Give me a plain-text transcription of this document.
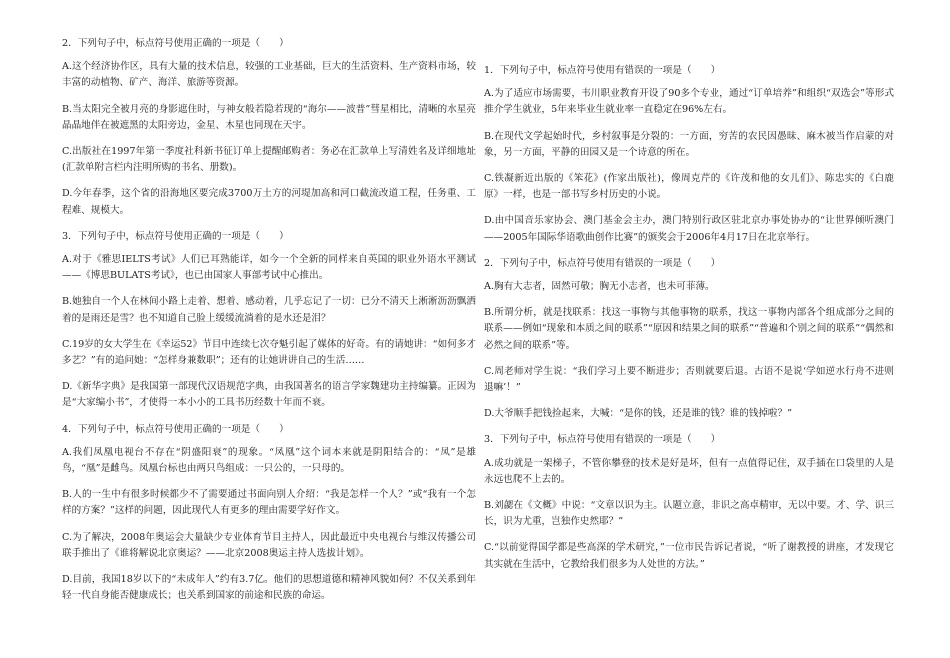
2．下列句子中，标点符号使用正确的一项是（　　）

A.这个经济协作区，具有大量的技术信息，较强的工业基础，巨大的生活资料、生产资料市场，较丰富的动植物、矿产、海洋、旅游等资源。

B.当太阳完全被月亮的身影遮住时，与神女般若隐若现的“海尔——波普”彗星相比，清晰的水星亮晶晶地伴在被遮黑的太阳旁边，金星、木星也同现在天宇。

C.出版社在1997年第一季度社科新书征订单上提醒邮购者：务必在汇款单上写清姓名及详细地址(汇款单附言栏内注明所购的书名、册数)。

D.今年春季，这个省的沿海地区要完成3700万土方的河堤加高和河口截流改道工程，任务重、工程难、规模大。

3．下列句子中，标点符号使用正确的一项是（　　）

A.对于《雅思IELTS考试》人们已耳熟能详，如今一个全新的同样来自英国的职业外语水平测试——《博思BULATS考试》，也已由国家人事部考试中心推出。

B.她独自一个人在林间小路上走着、想着、感动着，几乎忘记了一切：已分不清天上淅淅沥沥飘洒着的是雨还是雪？也不知道自己脸上缓缓流淌着的是水还是泪？

C.19岁的女大学生在《幸运52》节目中连续七次夺魁引起了媒体的好奇。有的请她讲：“如何多才多艺？”有的追问她：“怎样身兼数职”；还有的让她讲讲自己的生活……

D.《新华字典》是我国第一部现代汉语规范字典，由我国著名的语言学家魏建功主持编纂。正因为是“大家编小书”，才使得一本小小的工具书历经数十年而不衰。

4．下列句子中，标点符号使用正确的一项是（　　）

A.我们凤凰电视台不存在“阴盛阳衰”的现象。“凤凰”这个词本来就是阴阳结合的：“凤”是雄鸟，“凰”是雌鸟。凤凰台标也由两只鸟组成：一只公的，一只母的。

B.人的一生中有很多时候都少不了需要通过书面向别人介绍：“我是怎样一个人？”或“我有一个怎样的方案？”这样的问题，因此现代人有更多的理由需要学好作文。

C.为了解决，2008年奥运会大量缺少专业体育节目主持人，因此最近中央电视台与维汉传播公司联手推出了《谁将解说北京奥运？——北京2008奥运主持人选拔计划》。

D.目前，我国18岁以下的“未成年人”约有3.7亿。他们的思想道德和精神风貌如何？不仅关系到年轻一代自身能否健康成长；也关系到国家的前途和民族的命运。

1．下列句子中，标点符号使用有错误的一项是（　　）

A.为了适应市场需要，韦川职业教育开设了90多个专业，通过“订单培养”和组织“双选会”等形式推介学生就业，5年来毕业生就业率一直稳定在96%左右。

B.在现代文学起始时代，乡村叙事是分裂的：一方面，穷苦的农民因愚昧、麻木被当作启蒙的对象，另一方面，平静的田园又是一个诗意的所在。

C.铁凝新近出版的《笨花》(作家出版社)，像周克芹的《许茂和他的女儿们》、陈忠实的《白鹿原》一样，也是一部书写乡村历史的小说。

D.由中国音乐家协会、澳门基金会主办，澳门特别行政区驻北京办事处协办的“让世界倾听澳门——2005年国际华语歌曲创作比赛”的颁奖会于2006年4月17日在北京举行。

2．下列句子中，标点符号使用有错误的一项是（　　）

A.胸有大志者，固然可敬；胸无小志者，也未可菲薄。

B.所谓分析，就是找联系：找这一事物与其他事物的联系，找这一事物内部各个组成部分之间的联系——例如“现象和本质之间的联系”“原因和结果之间的联系”“普遍和个别之间的联系”“偶然和必然之间的联系”等。

C.周老师对学生说：“我们学习上要不断进步；否则就要后退。古语不是说‘学如逆水行舟不进则退嘛’！”

D.大爷顺手把钱捡起来，大喊：“是你的钱，还是谁的钱？谁的钱掉啦？”

3．下列句子中，标点符号使用有错误的一项是（　　）

A.成功就是一架梯子，不管你攀登的技术是好是坏，但有一点值得记住，双手插在口袋里的人是永远也爬不上去的。

B.刘勰在《文概》中说：“文章以识为主。认题立意，非识之高卓精审，无以中要。才、学、识三长，识为尤重，岂独作史然耶？”

C.“以前觉得国学都是些高深的学术研究，”一位市民告诉记者说，“听了谢教授的讲座，才发现它其实就在生活中，它教给我们很多为人处世的方法。”
